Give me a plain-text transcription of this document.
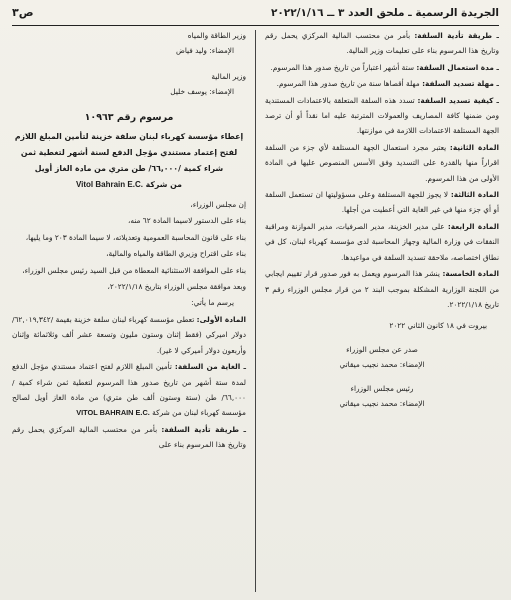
الجريدة الرسمية ـ ملحق العدد ٣ ــ ٢٠٢٢/١/١٦
ص٣

ـ طريقة تأدية السلفة: بأمر من محتسب المالية المركزي يحمل رقم وتاريخ هذا المرسوم بناء على تعليمات وزير المالية.

ـ مدة استعمال السلفة: ستة أشهر اعتباراً من تاريخ صدور هذا المرسوم.

ـ مهلة تسديد السلفة: مهلة أقصاها سنة من تاريخ صدور هذا المرسوم.

ـ كيفية تسديد السلفة: تسدد هذه السلفة المتعلقة بالاعتمادات المستندية ومن ضمنها كافة المصاريف والعمولات المترتبة عليه اما نقداً أو أن ترصد الجهة المستلفة الاعتمادات اللازمة في موازنتها.

المادة الثانية: يعتبر مجرد استعمال الجهة المستلفة لأي جزء من السلفة اقراراً منها بالقدرة على التسديد وفق الأسس المنصوص عليها في المادة الأولى من هذا المرسوم.

المادة الثالثة: لا يجوز للجهة المستلفة وعلى مسؤوليتها ان تستعمل السلفة أو أي جزء منها في غير الغاية التي أعطيت من أجلها.

المادة الرابعة: على مدير الخزينة، مدير الصرفيات، مدير الموازنة ومراقبة النفقات في وزارة المالية وجهاز المحاسبة لدى مؤسسة كهرباء لبنان، كل في نطاق اختصاصه، ملاحقة تسديد السلفة في مواعيدها.

المادة الخامسة: ينشر هذا المرسوم ويعمل به فور صدور قرار تقييم ايجابي من اللجنة الوزارية المشكلة بموجب البند ٢ من قرار مجلس الوزراء رقم ٣ تاريخ ٢٠٢٢/١/١٨.

بيروت في ١٨ كانون الثاني ٢٠٢٢

صدر عن مجلس الوزراء

الإمضاء: محمد نجيب ميقاتي

رئيس مجلس الوزراء

الإمضاء: محمد نجيب ميقاتي

وزير الطاقة والمياه

الإمضاء: وليد فياض

وزير المالية

الإمضاء: يوسف خليل

مرسوم رقم ١٠٩٦٣
إعطاء مؤسسة كهرباء لبنان سلفة خزينة لتأمين المبلغ اللازم لفتح إعتماد مستندي مؤجل الدفع لسنة أشهر لتغطية ثمن شراء كمية /٦٦,٠٠٠/ طن متري من مادة الغاز أويل
من شركة Vitol Bahrain E.C.

إن مجلس الوزراء،

بناء على الدستور لاسيما المادة ٦٢ منه،

بناء على قانون المحاسبة العمومية وتعديلاته، لا سيما المادة ٢٠٣ وما يليها،

بناء على اقتراح وزيري الطاقة والمياه والمالية،

بناء على الموافقة الاستثنائية المعطاة من قبل السيد رئيس مجلس الوزراء،

وبعد موافقة مجلس الوزراء بتاريخ ٢٠٢٢/١/١٨،

يرسم ما يأتي:

المادة الأولى: تعطى مؤسسة كهرباء لبنان سلفة خزينة بقيمة /٦٢,٠١٩,٣٤٢/ دولار اميركي (فقط إثنان وستون مليون وتسعة عشر ألف وثلاثمائة وإثنان وأربعون دولار أميركي لا غير).

ـ الغاية من السلفة: تأمين المبلغ اللازم لفتح اعتماد مستندي مؤجل الدفع لمدة ستة أشهر من تاريخ صدور هذا المرسوم لتغطية ثمن شراء كمية /٦٦,٠٠٠/ طن (ستة وستون ألف طن متري) من مادة الغاز أويل لصالح مؤسسة كهرباء لبنان من شركة VITOL BAHRAIN E.C.

ـ طريقة تأدية السلفة: بأمر من محتسب المالية المركزي يحمل رقم وتاريخ هذا المرسوم بناء على
